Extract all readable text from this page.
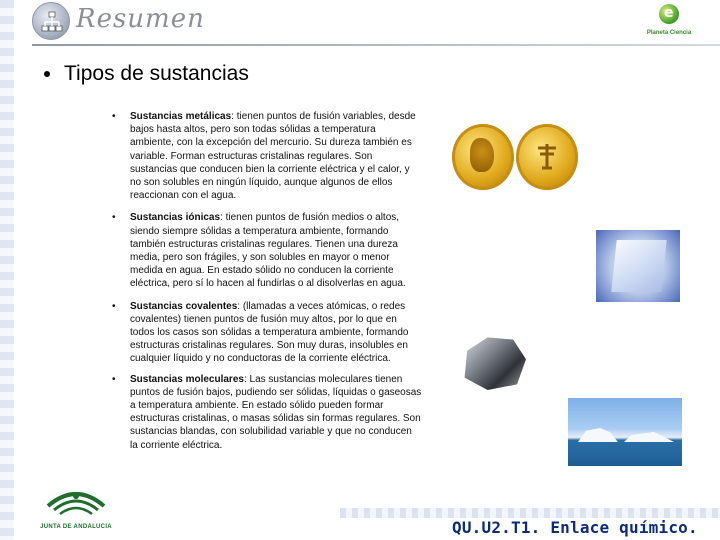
Resumen	e
Planeta Ciencia
Tipos de sustancias
• Sustancias metálicas: tienen puntos de fusión variables, desde bajos hasta altos, pero son todas sólidas a temperatura ambiente, con la excepción del mercurio. Su dureza también es variable. Forman estructuras cristalinas regulares. Son sustancias que conducen bien la corriente eléctrica y el calor, y no son solubles en ningún líquido, aunque algunos de ellos reaccionan con el agua.
• Sustancias iónicas: tienen puntos de fusión medios o altos, siendo siempre sólidas a temperatura ambiente, formando también estructuras cristalinas regulares. Tienen una dureza media, pero son frágiles, y son solubles en mayor o menor medida en agua. En estado sólido no conducen la corriente eléctrica, pero sí lo hacen al fundirlas o al disolverlas en agua.
• Sustancias covalentes: (llamadas a veces atómicas, o redes covalentes) tienen puntos de fusión muy altos, por lo que en todos los casos son sólidas a temperatura ambiente, formando estructuras cristalinas regulares. Son muy duras, insolubles en cualquier líquido y no conductoras de la corriente eléctrica.
• Sustancias moleculares: Las sustancias moleculares tienen puntos de fusión bajos, pudiendo ser sólidas, líquidas o gaseosas a temperatura ambiente. En estado sólido pueden formar estructuras cristalinas, o masas sólidas sin formas regulares. Son sustancias blandas, con solubilidad variable y que no conducen la corriente eléctrica.
JUNTA DE ANDALUCIA	QU.U2.T1. Enlace químico.
